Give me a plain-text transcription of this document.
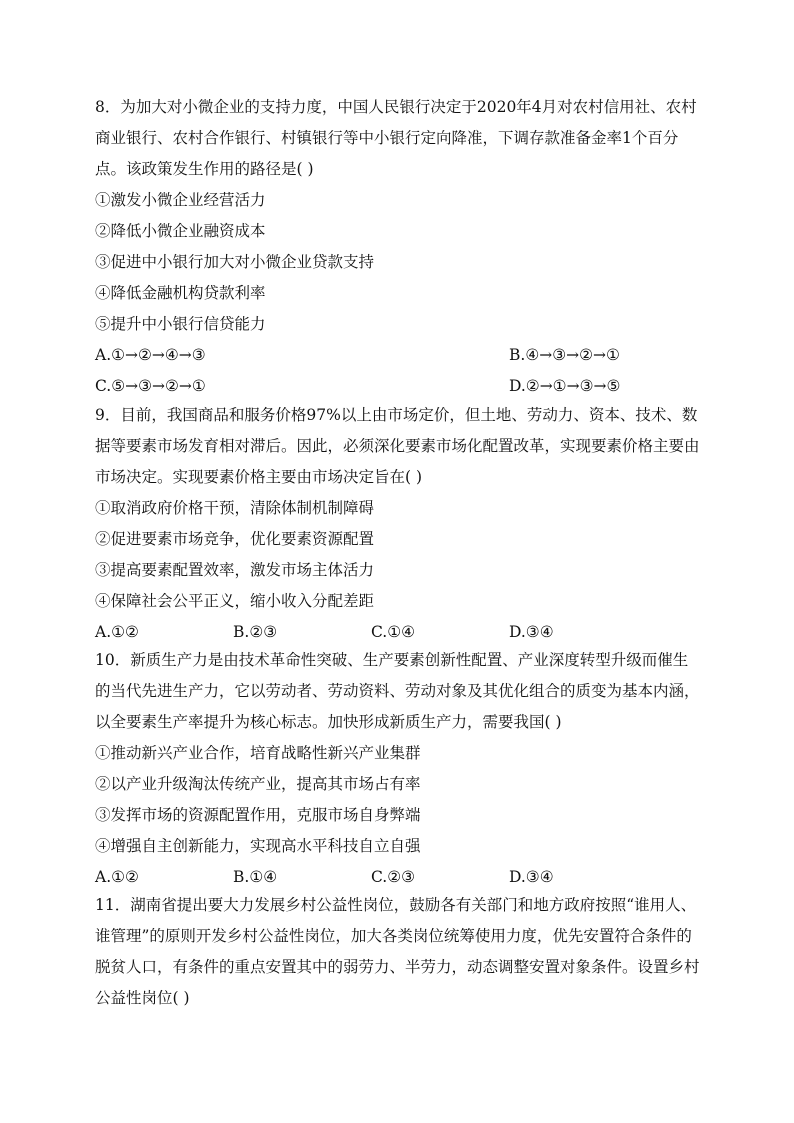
8．为加大对小微企业的支持力度，中国人民银行决定于2020年4月对农村信用社、农村商业银行、农村合作银行、村镇银行等中小银行定向降准，下调存款准备金率1个百分点。该政策发生作用的路径是( )
①激发小微企业经营活力
②降低小微企业融资成本
③促进中小银行加大对小微企业贷款支持
④降低金融机构贷款利率
⑤提升中小银行信贷能力
A.①→②→④→③	B.④→③→②→①
C.⑤→③→②→①	D.②→①→③→⑤
9．目前，我国商品和服务价格97%以上由市场定价，但土地、劳动力、资本、技术、数据等要素市场发育相对滞后。因此，必须深化要素市场化配置改革，实现要素价格主要由市场决定。实现要素价格主要由市场决定旨在( )
①取消政府价格干预，清除体制机制障碍
②促进要素市场竞争，优化要素资源配置
③提高要素配置效率，激发市场主体活力
④保障社会公平正义，缩小收入分配差距
A.①②	B.②③	C.①④	D.③④
10．新质生产力是由技术革命性突破、生产要素创新性配置、产业深度转型升级而催生的当代先进生产力，它以劳动者、劳动资料、劳动对象及其优化组合的质变为基本内涵，以全要素生产率提升为核心标志。加快形成新质生产力，需要我国( )
①推动新兴产业合作，培育战略性新兴产业集群
②以产业升级淘汰传统产业，提高其市场占有率
③发挥市场的资源配置作用，克服市场自身弊端
④增强自主创新能力，实现高水平科技自立自强
A.①②	B.①④	C.②③	D.③④
11．湖南省提出要大力发展乡村公益性岗位，鼓励各有关部门和地方政府按照“谁用人、谁管理”的原则开发乡村公益性岗位，加大各类岗位统筹使用力度，优先安置符合条件的脱贫人口，有条件的重点安置其中的弱劳力、半劳力，动态调整安置对象条件。设置乡村公益性岗位( )
